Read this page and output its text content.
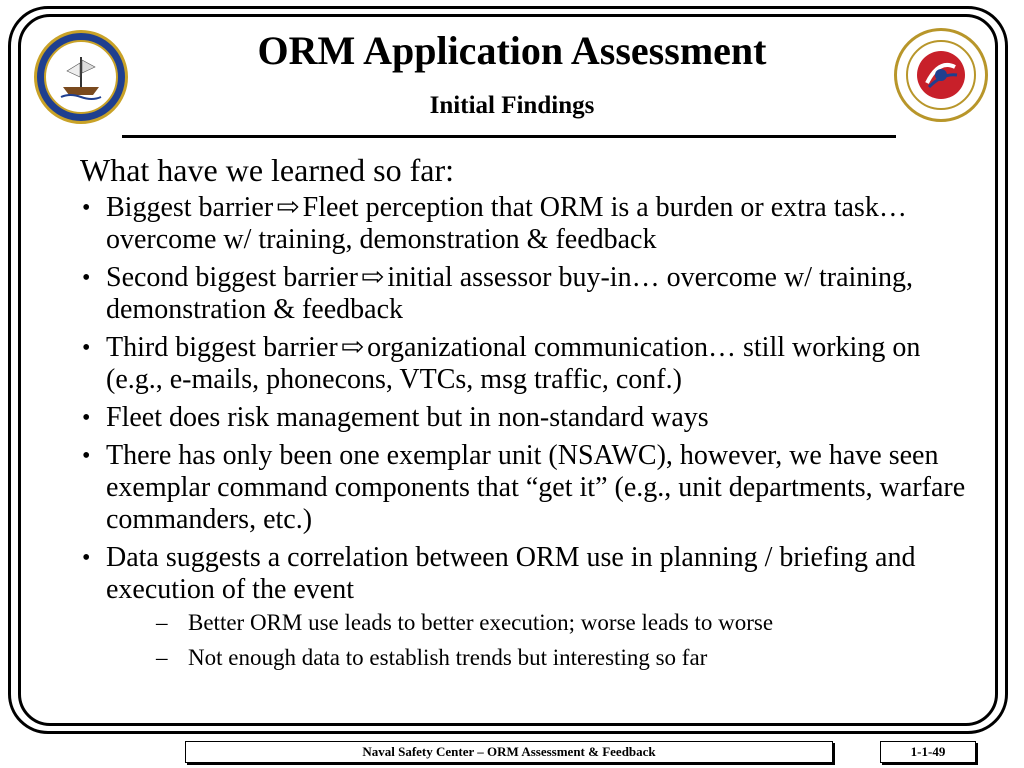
ORM Application Assessment
Initial Findings

What have we learned so far:

• Biggest barrier ⇨ Fleet perception that ORM is a burden or extra task… overcome w/ training, demonstration & feedback
• Second biggest barrier ⇨ initial assessor buy-in… overcome w/ training, demonstration & feedback
• Third biggest barrier ⇨ organizational communication… still working on (e.g., e-mails, phonecons, VTCs, msg traffic, conf.)
• Fleet does risk management but in non-standard ways
• There has only been one exemplar unit (NSAWC), however, we have seen exemplar command components that “get it” (e.g., unit departments, warfare commanders, etc.)
• Data suggests a correlation between ORM use in planning / briefing and execution of the event
– Better ORM use leads to better execution; worse leads to worse
– Not enough data to establish trends but interesting so far
Naval Safety Center – ORM Assessment & Feedback	1-1-49
